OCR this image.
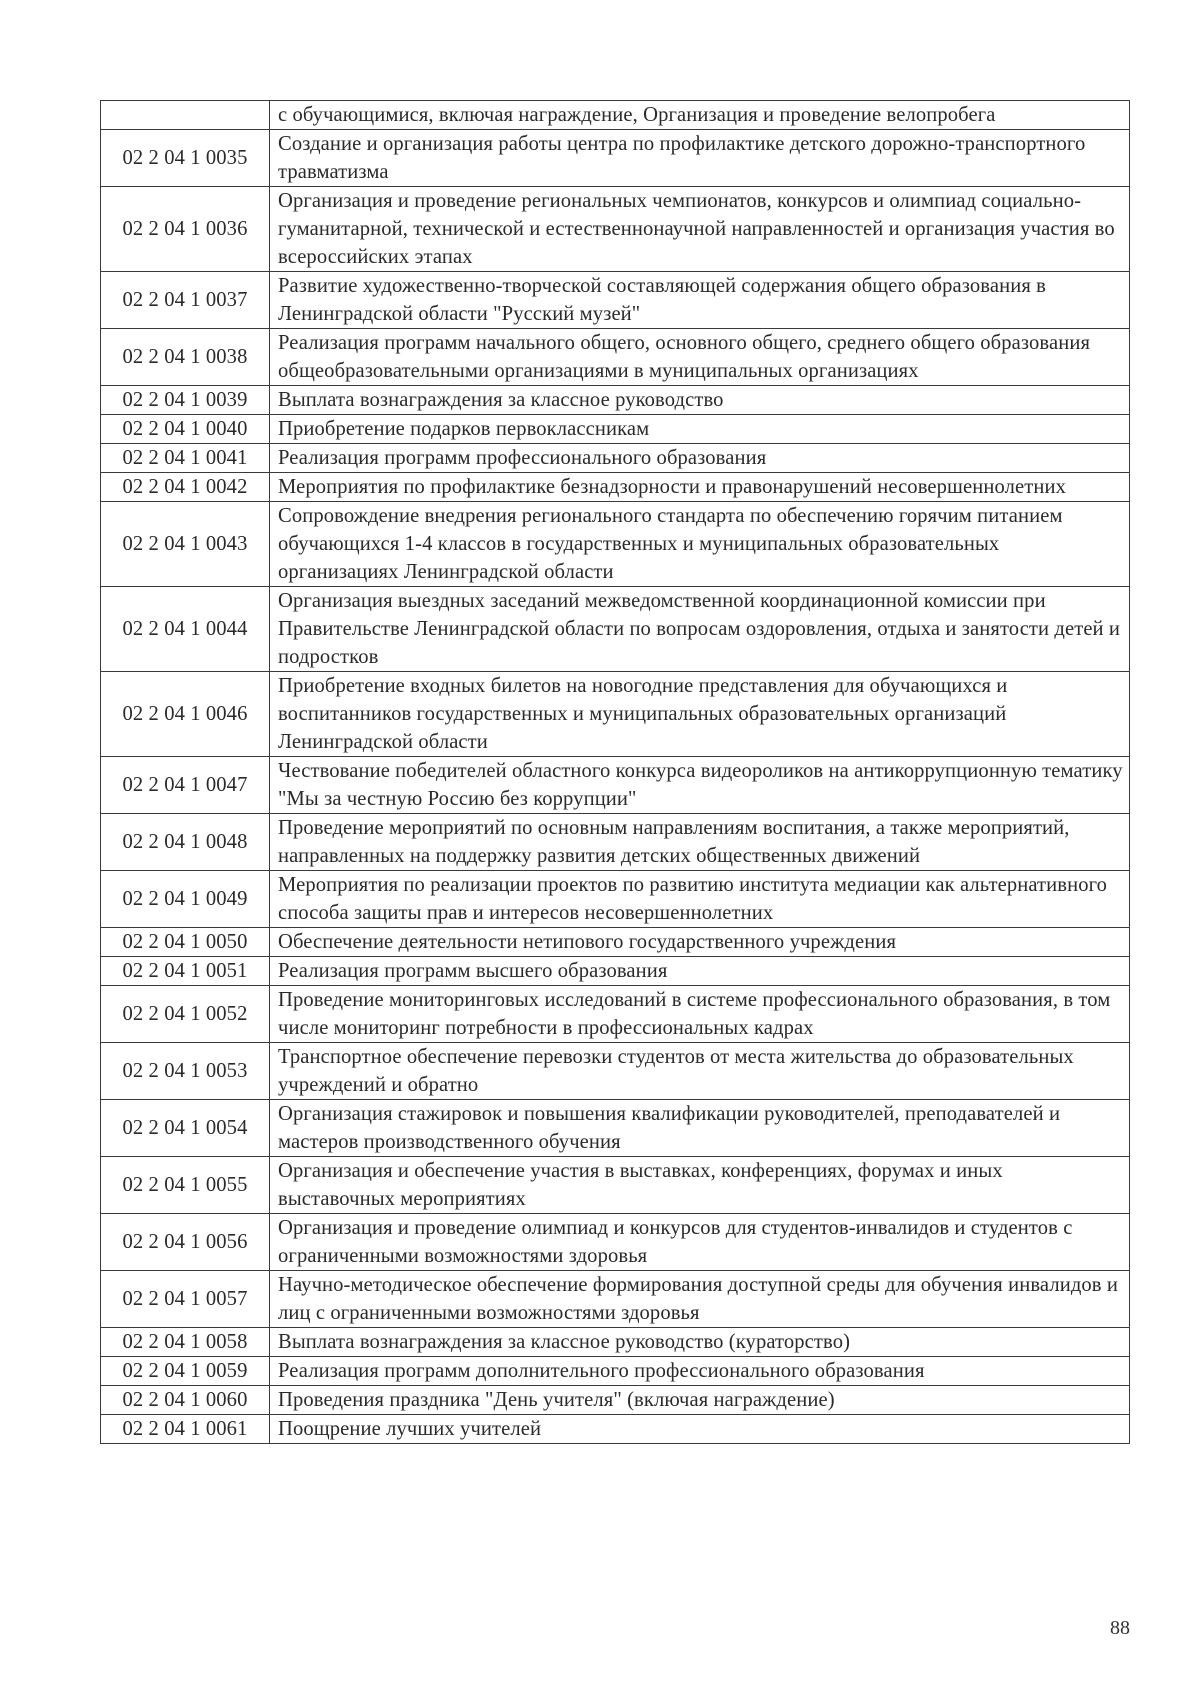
	с обучающимися, включая награждение, Организация и проведение велопробега
02 2 04 1 0035	Создание и организация работы центра по профилактике детского дорожно-транспортного травматизма
02 2 04 1 0036	Организация и проведение региональных чемпионатов, конкурсов и олимпиад социально-гуманитарной, технической и естественнонаучной направленностей и организация участия во всероссийских этапах
02 2 04 1 0037	Развитие художественно-творческой составляющей содержания общего образования в Ленинградской области "Русский музей"
02 2 04 1 0038	Реализация программ начального общего, основного общего, среднего общего образования общеобразовательными организациями в муниципальных организациях
02 2 04 1 0039	Выплата вознаграждения за классное руководство
02 2 04 1 0040	Приобретение подарков первоклассникам
02 2 04 1 0041	Реализация программ профессионального образования
02 2 04 1 0042	Мероприятия по профилактике безнадзорности и правонарушений несовершеннолетних
02 2 04 1 0043	Сопровождение внедрения регионального стандарта по обеспечению горячим питанием обучающихся 1-4 классов в государственных и муниципальных образовательных организациях Ленинградской области
02 2 04 1 0044	Организация выездных заседаний межведомственной координационной комиссии при Правительстве Ленинградской области по вопросам оздоровления, отдыха и занятости детей и подростков
02 2 04 1 0046	Приобретение входных билетов на новогодние представления для обучающихся и воспитанников государственных и муниципальных образовательных организаций Ленинградской области
02 2 04 1 0047	Чествование победителей областного конкурса видеороликов на антикоррупционную тематику "Мы за честную Россию без коррупции"
02 2 04 1 0048	Проведение мероприятий по основным направлениям воспитания, а также мероприятий, направленных на поддержку развития детских общественных движений
02 2 04 1 0049	Мероприятия по реализации проектов по развитию института медиации как альтернативного способа защиты прав и интересов несовершеннолетних
02 2 04 1 0050	Обеспечение деятельности нетипового государственного учреждения
02 2 04 1 0051	Реализация программ высшего образования
02 2 04 1 0052	Проведение мониторинговых исследований в системе профессионального образования, в том числе мониторинг потребности в профессиональных кадрах
02 2 04 1 0053	Транспортное обеспечение перевозки студентов от места жительства до образовательных учреждений и обратно
02 2 04 1 0054	Организация стажировок и повышения квалификации руководителей, преподавателей и мастеров производственного обучения
02 2 04 1 0055	Организация и обеспечение участия в выставках, конференциях, форумах и иных выставочных мероприятиях
02 2 04 1 0056	Организация и проведение олимпиад и конкурсов для студентов-инвалидов и студентов с ограниченными возможностями здоровья
02 2 04 1 0057	Научно-методическое обеспечение формирования доступной среды для обучения инвалидов и лиц с ограниченными возможностями здоровья
02 2 04 1 0058	Выплата вознаграждения за классное руководство (кураторство)
02 2 04 1 0059	Реализация программ дополнительного профессионального образования
02 2 04 1 0060	Проведения праздника "День учителя" (включая награждение)
02 2 04 1 0061	Поощрение лучших учителей
88
